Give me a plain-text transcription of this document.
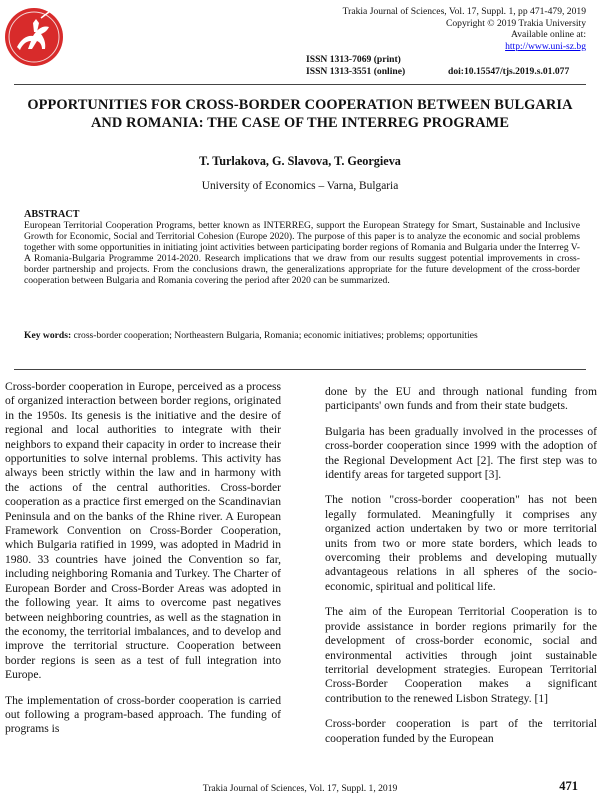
Trakia Journal of Sciences, Vol. 17, Suppl. 1, pp 471-479, 2019
Copyright © 2019 Trakia University
Available online at:
http://www.uni-sz.bg
ISSN 1313-7069 (print)
ISSN 1313-3551 (online)	doi:10.15547/tjs.2019.s.01.077
OPPORTUNITIES FOR CROSS-BORDER COOPERATION BETWEEN BULGARIA AND ROMANIA: THE CASE OF THE INTERREG PROGRAME
T. Turlakova, G. Slavova, T. Georgieva
University of Economics – Varna, Bulgaria
ABSTRACT
European Territorial Cooperation Programs, better known as INTERREG, support the European Strategy for Smart, Sustainable and Inclusive Growth for Economic, Social and Territorial Cohesion (Europe 2020). The purpose of this paper is to analyze the economic and social problems together with some opportunities in initiating joint activities between participating border regions of Romania and Bulgaria under the Interreg V-A Romania-Bulgaria Programme 2014-2020. Research implications that we draw from our results suggest potential improvements in cross-border partnership and projects. From the conclusions drawn, the generalizations appropriate for the future development of the cross-border cooperation between Bulgaria and Romania covering the period after 2020 can be summarized.
Key words: cross-border cooperation; Northeastern Bulgaria, Romania; economic initiatives; problems; opportunities

Cross-border cooperation in Europe, perceived as a process of organized interaction between border regions, originated in the 1950s. Its genesis is the initiative and the desire of regional and local authorities to integrate with their neighbors to expand their capacity in order to increase their opportunities to solve internal problems. This activity has always been strictly within the law and in harmony with the actions of the central authorities. Cross-border cooperation as a practice first emerged on the Scandinavian Peninsula and on the banks of the Rhine river. A European Framework Convention on Cross-Border Cooperation, which Bulgaria ratified in 1999, was adopted in Madrid in 1980. 33 countries have joined the Convention so far, including neighboring Romania and Turkey. The Charter of European Border and Cross-Border Areas was adopted in the following year. It aims to overcome past negatives between neighboring countries, as well as the stagnation in the economy, the territorial imbalances, and to develop and improve the territorial structure. Cooperation between border regions is seen as a test of full integration into Europe.

The implementation of cross-border cooperation is carried out following a program-based approach. The funding of programs is

done by the EU and through national funding from participants' own funds and from their state budgets.

Bulgaria has been gradually involved in the processes of cross-border cooperation since 1999 with the adoption of the Regional Development Act [2]. The first step was to identify areas for targeted support [3].

The notion "cross-border cooperation" has not been legally formulated. Meaningfully it comprises any organized action undertaken by two or more territorial units from two or more state borders, which leads to overcoming their problems and developing mutually advantageous relations in all spheres of the socio-economic, spiritual and political life.

The aim of the European Territorial Cooperation is to provide assistance in border regions primarily for the development of cross-border economic, social and environmental activities through joint sustainable territorial development strategies. European Territorial Cross-Border Cooperation makes a significant contribution to the renewed Lisbon Strategy. [1]

Cross-border cooperation is part of the territorial cooperation funded by the European

Trakia Journal of Sciences, Vol. 17, Suppl. 1, 2019	471
